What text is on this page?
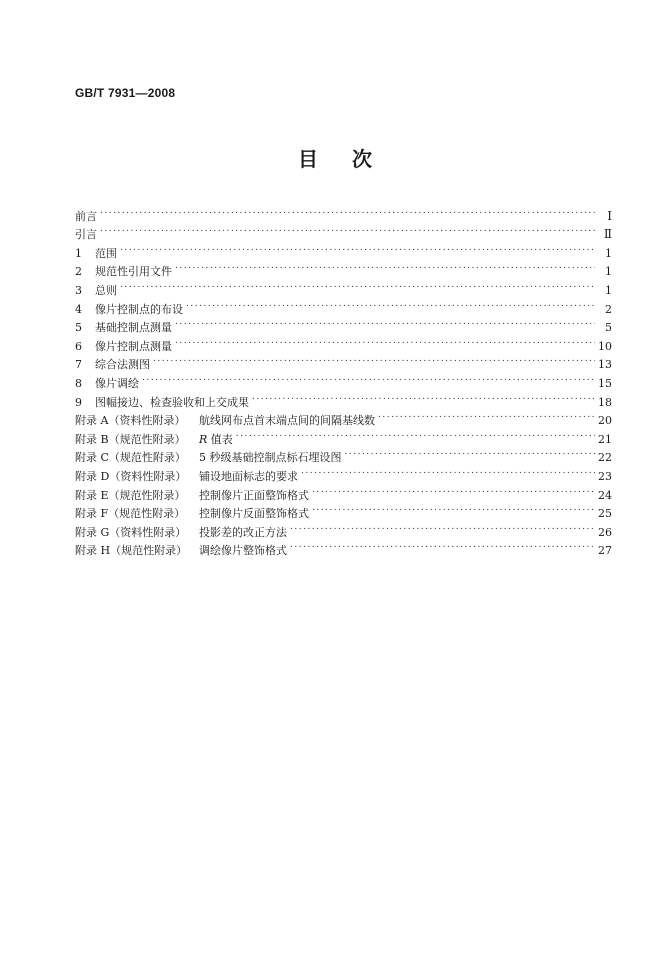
GB/T 7931—2008
目次
前言 .....	Ⅰ
引言 .....	Ⅱ
1	范围 .....	1
2	规范性引用文件 .....	1
3	总则 .....	1
4	像片控制点的布设 .....	2
5	基础控制点测量 .....	5
6	像片控制点测量 .....	10
7	综合法测图 .....	13
8	像片调绘 .....	15
9	图幅接边、检查验收和上交成果 .....	18
附录 A（资料性附录）	航线网布点首末端点间的间隔基线数 .....	20
附录 B（规范性附录）	R 值表 .....	21
附录 C（规范性附录）	5 秒级基础控制点标石埋设图 .....	22
附录 D（资料性附录）	铺设地面标志的要求 .....	23
附录 E（规范性附录）	控制像片正面整饰格式 .....	24
附录 F（规范性附录）	控制像片反面整饰格式 .....	25
附录 G（资料性附录）	投影差的改正方法 .....	26
附录 H（规范性附录）	调绘像片整饰格式 .....	27
